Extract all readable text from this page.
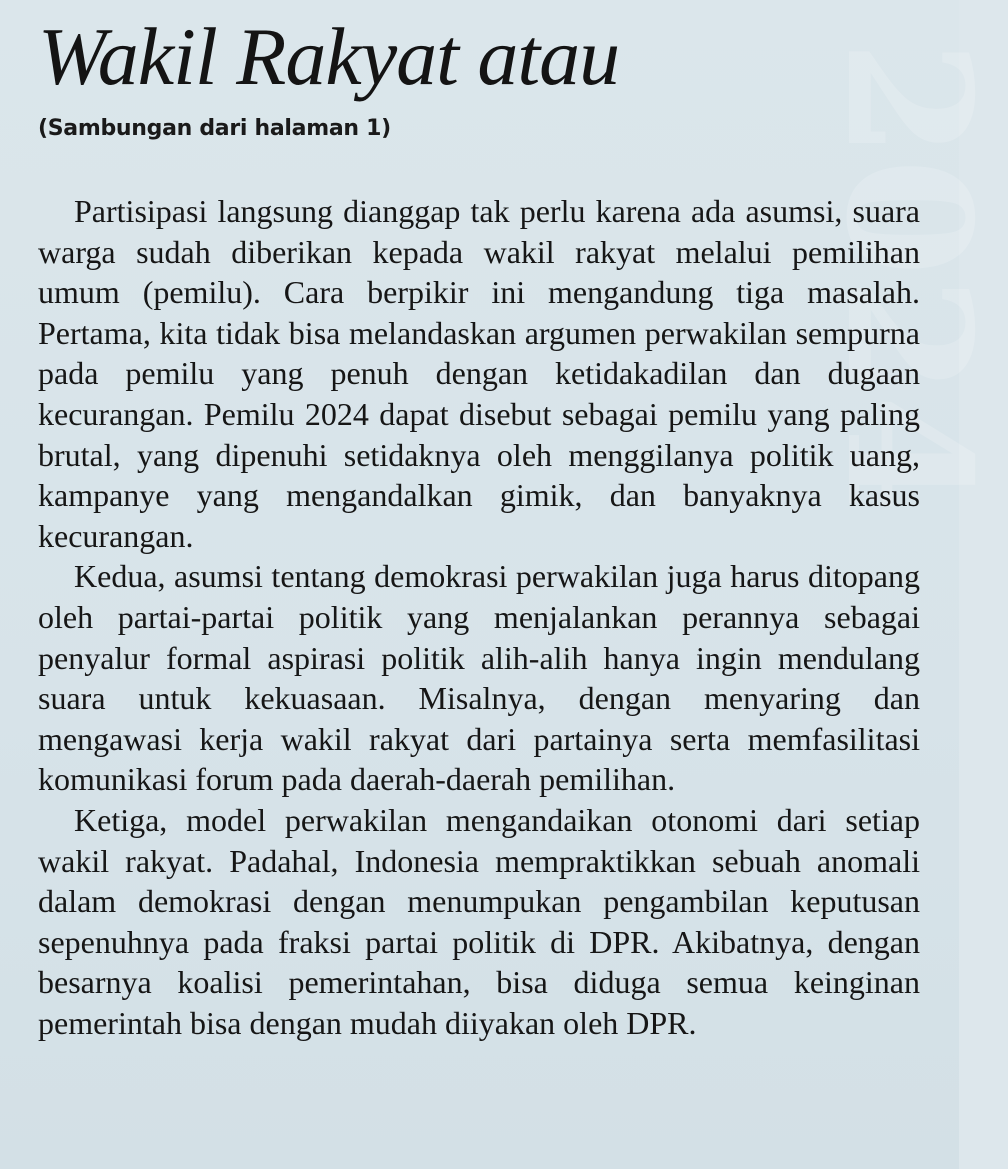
2024
Wakil Rakyat atau
(Sambungan dari halaman 1)

Partisipasi langsung dianggap tak perlu karena ada asumsi, suara warga sudah diberikan kepada wakil rakyat melalui pemilihan umum (pemilu). Cara berpikir ini mengandung tiga masalah. Pertama, kita tidak bisa melandaskan argumen perwakilan sempurna pada pemilu yang penuh dengan ketidakadilan dan dugaan kecurangan. Pemilu 2024 dapat disebut sebagai pemilu yang paling brutal, yang dipenuhi setidaknya oleh menggilanya politik uang, kampanye yang mengandalkan gimik, dan banyaknya kasus kecurangan.

Kedua, asumsi tentang demokrasi perwakilan juga harus ditopang oleh partai-partai politik yang menjalankan perannya sebagai penyalur formal aspirasi politik alih-alih hanya ingin mendulang suara untuk kekuasaan. Misalnya, dengan menyaring dan mengawasi kerja wakil rakyat dari partainya serta memfasilitasi komunikasi forum pada daerah-daerah pemilihan.

Ketiga, model perwakilan mengandaikan otonomi dari setiap wakil rakyat. Padahal, Indonesia mempraktikkan sebuah anomali dalam demokrasi dengan menumpukan pengambilan keputusan sepenuhnya pada fraksi partai politik di DPR. Akibatnya, dengan besarnya koalisi pemerintahan, bisa diduga semua keinginan pemerintah bisa dengan mudah diiyakan oleh DPR.
